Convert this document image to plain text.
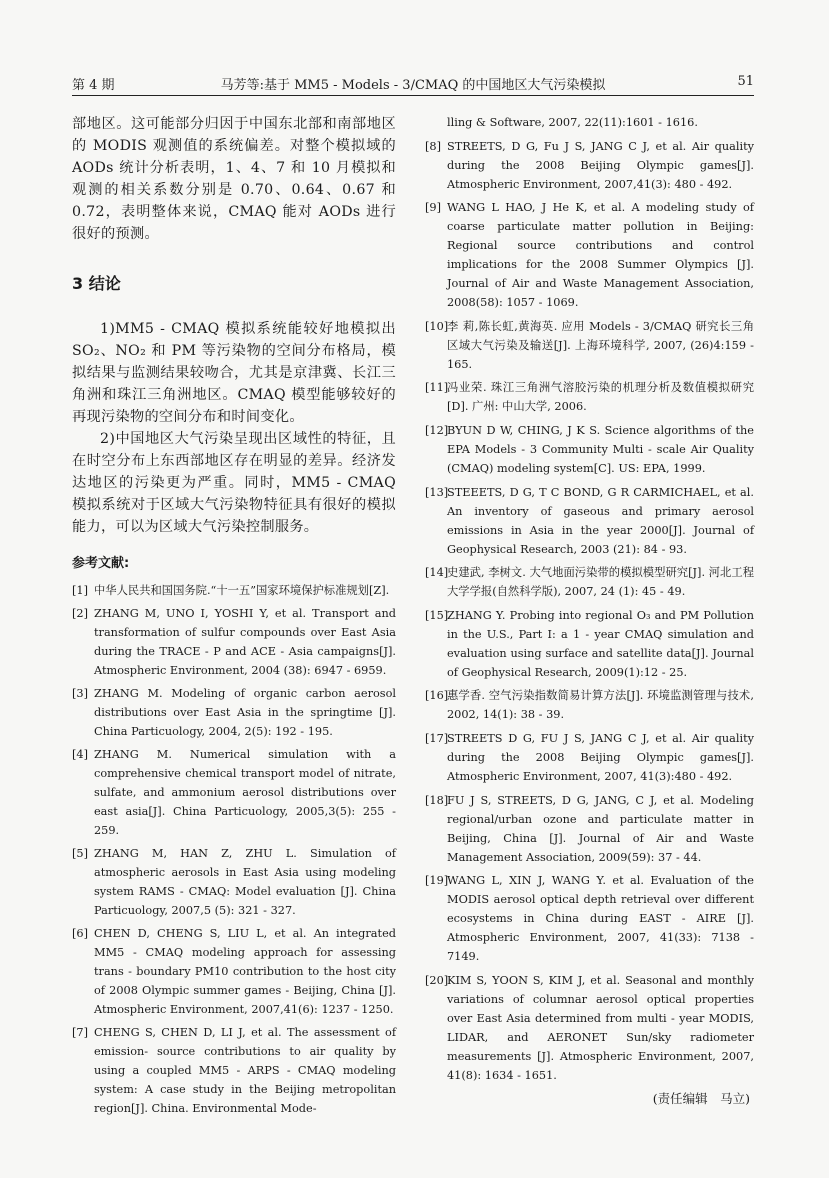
第 4 期	马芳等:基于 MM5 - Models - 3/CMAQ 的中国地区大气污染模拟	51

部地区。这可能部分归因于中国东北部和南部地区的 MODIS 观测值的系统偏差。对整个模拟域的 AODs 统计分析表明，1、4、7 和 10 月模拟和观测的相关系数分别是 0.70、0.64、0.67 和 0.72，表明整体来说，CMAQ 能对 AODs 进行很好的预测。

3 结论

1)MM5 - CMAQ 模拟系统能较好地模拟出 SO₂、NO₂ 和 PM 等污染物的空间分布格局，模拟结果与监测结果较吻合，尤其是京津冀、长江三角洲和珠江三角洲地区。CMAQ 模型能够较好的再现污染物的空间分布和时间变化。

2)中国地区大气污染呈现出区域性的特征，且在时空分布上东西部地区存在明显的差异。经济发达地区的污染更为严重。同时，MM5 - CMAQ 模拟系统对于区域大气污染物特征具有很好的模拟能力，可以为区域大气污染控制服务。

参考文献:
[1] 中华人民共和国国务院.“十一五”国家环境保护标准规划[Z].
[2] ZHANG M, UNO I, YOSHI Y, et al. Transport and transformation of sulfur compounds over East Asia during the TRACE - P and ACE - Asia campaigns[J]. Atmospheric Environment, 2004 (38): 6947 - 6959.
[3] ZHANG M. Modeling of organic carbon aerosol distributions over East Asia in the springtime [J]. China Particuology, 2004, 2(5): 192 - 195.
[4] ZHANG M. Numerical simulation with a comprehensive chemical transport model of nitrate, sulfate, and ammonium aerosol distributions over east asia[J]. China Particuology, 2005,3(5): 255 - 259.
[5] ZHANG M, HAN Z, ZHU L. Simulation of atmospheric aerosols in East Asia using modeling system RAMS - CMAQ: Model evaluation [J]. China Particuology, 2007,5 (5): 321 - 327.
[6] CHEN D, CHENG S, LIU L, et al. An integrated MM5 - CMAQ modeling approach for assessing trans - boundary PM10 contribution to the host city of 2008 Olympic summer games - Beijing, China [J]. Atmospheric Environment, 2007,41(6): 1237 - 1250.
[7] CHENG S, CHEN D, LI J, et al. The assessment of emission- source contributions to air quality by using a coupled MM5 - ARPS - CMAQ modeling system: A case study in the Beijing metropolitan region[J]. China. Environmental Mode-
lling & Software, 2007, 22(11):1601 - 1616.
[8] STREETS, D G, Fu J S, JANG C J, et al. Air quality during the 2008 Beijing Olympic games[J]. Atmospheric Environment, 2007,41(3): 480 - 492.
[9] WANG L HAO, J He K, et al. A modeling study of coarse particulate matter pollution in Beijing: Regional source contributions and control implications for the 2008 Summer Olympics [J]. Journal of Air and Waste Management Association, 2008(58): 1057 - 1069.
[10]
李 莉,陈长虹,黄海英. 应用 Models - 3/CMAQ 研究长三角区域大气污染及输送[J]. 上海环境科学, 2007, (26)4:159 - 165.
[11]
冯业荣. 珠江三角洲气溶胶污染的机理分析及数值模拟研究[D]. 广州: 中山大学, 2006.
[12]
BYUN D W, CHING, J K S. Science algorithms of the EPA Models - 3 Community Multi - scale Air Quality (CMAQ) modeling system[C]. US: EPA, 1999.
[13]
STEEETS, D G, T C BOND, G R CARMICHAEL, et al. An inventory of gaseous and primary aerosol emissions in Asia in the year 2000[J]. Journal of Geophysical Research, 2003 (21): 84 - 93.
[14]
史建武, 李树文. 大气地面污染带的模拟模型研究[J]. 河北工程大学学报(自然科学版), 2007, 24 (1): 45 - 49.
[15]
ZHANG Y. Probing into regional O₃ and PM Pollution in the U.S., Part I: a 1 - year CMAQ simulation and evaluation using surface and satellite data[J]. Journal of Geophysical Research, 2009(1):12 - 25.
[16]
惠学香. 空气污染指数简易计算方法[J]. 环境监测管理与技术, 2002, 14(1): 38 - 39.
[17]
STREETS D G, FU J S, JANG C J, et al. Air quality during the 2008 Beijing Olympic games[J]. Atmospheric Environment, 2007, 41(3):480 - 492.
[18]
FU J S, STREETS, D G, JANG, C J, et al. Modeling regional/urban ozone and particulate matter in Beijing, China [J]. Journal of Air and Waste Management Association, 2009(59): 37 - 44.
[19]
WANG L, XIN J, WANG Y. et al. Evaluation of the MODIS aerosol optical depth retrieval over different ecosystems in China during EAST - AIRE [J]. Atmospheric Environment, 2007, 41(33): 7138 - 7149.
[20]
KIM S, YOON S, KIM J, et al. Seasonal and monthly variations of columnar aerosol optical properties over East Asia determined from multi - year MODIS, LIDAR, and AERONET Sun/sky radiometer measurements [J]. Atmospheric Environment, 2007, 41(8): 1634 - 1651.
(责任编辑　马立)
